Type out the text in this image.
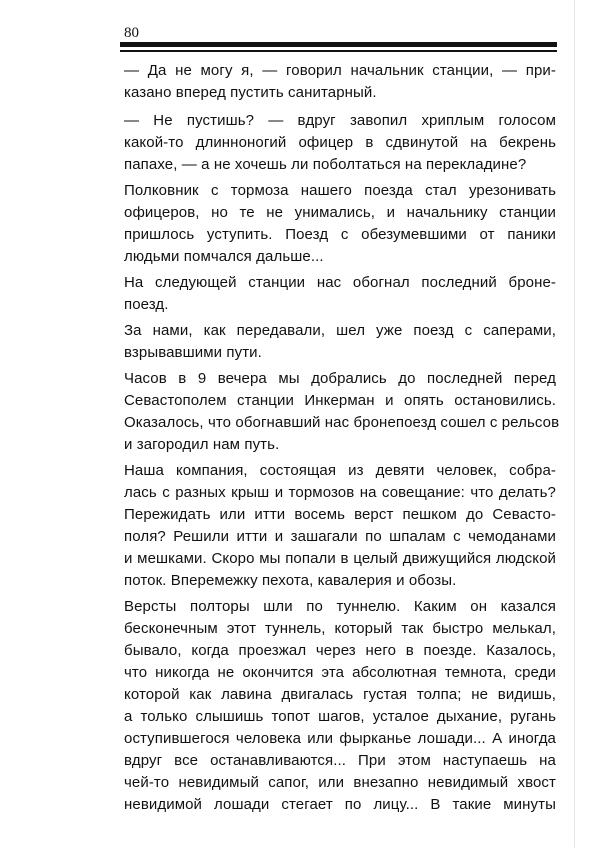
80
— Да не могу я, — говорил начальник станции, — при-
казано вперед пустить санитарный.
— Не пустишь? — вдруг завопил хриплым голосом
какой-то длинноногий офицер в сдвинутой на бекрень
папахе, — а не хочешь ли поболтаться на перекладине?
Полковник с тормоза нашего поезда стал урезонивать
офицеров, но те не унимались, и начальнику станции
пришлось уступить. Поезд с обезумевшими от паники
людьми помчался дальше...
На следующей станции нас обогнал последний броне-
поезд.
За нами, как передавали, шел уже поезд с саперами,
взрывавшими пути.
Часов в 9 вечера мы добрались до последней перед
Севастополем станции Инкерман и опять остановились.
Оказалось, что обогнавший нас бронепоезд сошел с рельсов
и загородил нам путь.
Наша компания, состоящая из девяти человек, собра-
лась с разных крыш и тормозов на совещание: что делать?
Пережидать или итти восемь верст пешком до Севасто-
поля? Решили итти и зашагали по шпалам с чемоданами
и мешками. Скоро мы попали в целый движущийся людской
поток. Вперемежку пехота, кавалерия и обозы.
Версты полторы шли по туннелю. Каким он казался
бесконечным этот туннель, который так быстро мелькал,
бывало, когда проезжал через него в поезде. Казалось,
что никогда не окончится эта абсолютная темнота, среди
которой как лавина двигалась густая толпа; не видишь,
а только слышишь топот шагов, усталое дыхание, ругань
оступившегося человека или фырканье лошади... А иногда
вдруг все останавливаются... При этом наступаешь на
чей-то невидимый сапог, или внезапно невидимый хвост
невидимой лошади стегает по лицу... В такие минуты
